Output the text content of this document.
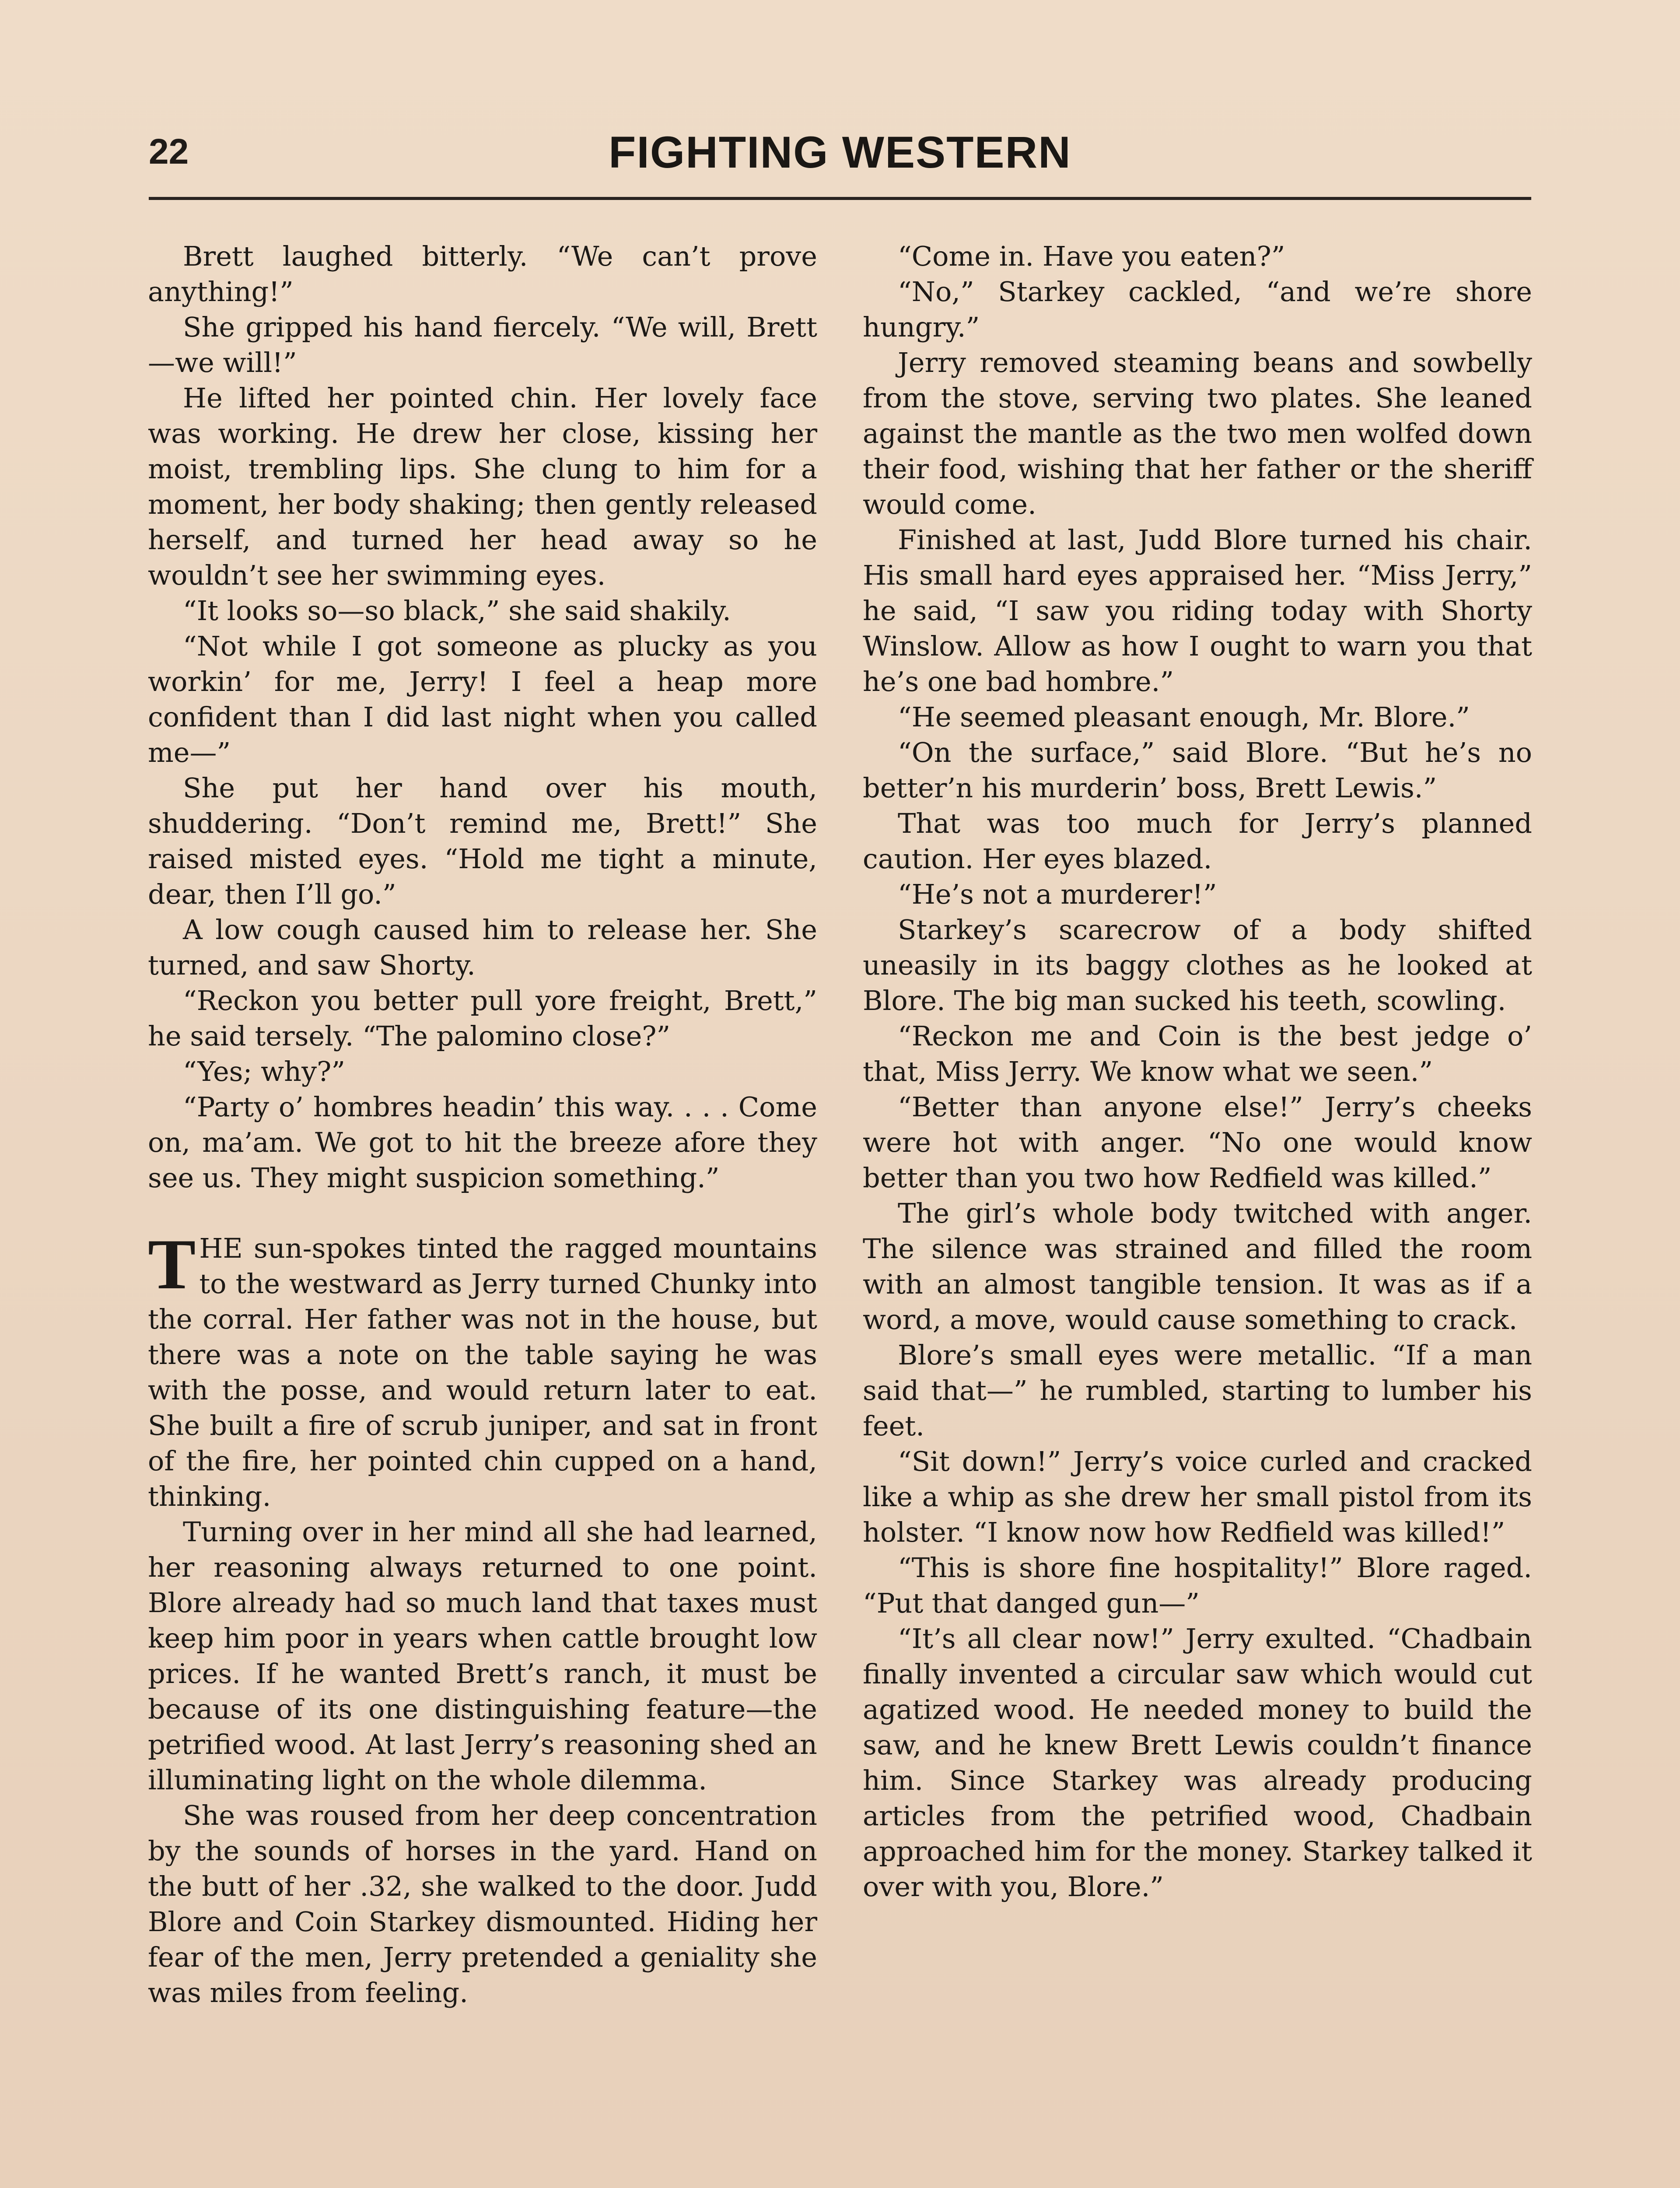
22	FIGHTING WESTERN

Brett laughed bitterly. “We can’t prove anything!”

She gripped his hand fiercely. “We will, Brett—we will!”

He lifted her pointed chin. Her lovely face was working. He drew her close, kissing her moist, trembling lips. She clung to him for a moment, her body shaking; then gently released herself, and turned her head away so he wouldn’t see her swimming eyes.

“It looks so—so black,” she said shakily.

“Not while I got someone as plucky as you workin’ for me, Jerry! I feel a heap more confident than I did last night when you called me—”

She put her hand over his mouth, shuddering. “Don’t remind me, Brett!” She raised misted eyes. “Hold me tight a minute, dear, then I’ll go.”

A low cough caused him to release her. She turned, and saw Shorty.

“Reckon you better pull yore freight, Brett,” he said tersely. “The palomino close?”

“Yes; why?”

“Party o’ hombres headin’ this way. . . . Come on, ma’am. We got to hit the breeze afore they see us. They might suspicion something.”

THE sun-spokes tinted the ragged mountains to the westward as Jerry turned Chunky into the corral. Her father was not in the house, but there was a note on the table saying he was with the posse, and would return later to eat. She built a fire of scrub juniper, and sat in front of the fire, her pointed chin cupped on a hand, thinking.

Turning over in her mind all she had learned, her reasoning always returned to one point. Blore already had so much land that taxes must keep him poor in years when cattle brought low prices. If he wanted Brett’s ranch, it must be because of its one distinguishing feature—the petrified wood. At last Jerry’s reasoning shed an illuminating light on the whole dilemma.

She was roused from her deep concentration by the sounds of horses in the yard. Hand on the butt of her .32, she walked to the door. Judd Blore and Coin Starkey dismounted. Hiding her fear of the men, Jerry pretended a geniality she was miles from feeling.

“Come in. Have you eaten?”

“No,” Starkey cackled, “and we’re shore hungry.”

Jerry removed steaming beans and sowbelly from the stove, serving two plates. She leaned against the mantle as the two men wolfed down their food, wishing that her father or the sheriff would come.

Finished at last, Judd Blore turned his chair. His small hard eyes appraised her. “Miss Jerry,” he said, “I saw you riding today with Shorty Winslow. Allow as how I ought to warn you that he’s one bad hombre.”

“He seemed pleasant enough, Mr. Blore.”

“On the surface,” said Blore. “But he’s no better’n his murderin’ boss, Brett Lewis.”

That was too much for Jerry’s planned caution. Her eyes blazed.

“He’s not a murderer!”

Starkey’s scarecrow of a body shifted uneasily in its baggy clothes as he looked at Blore. The big man sucked his teeth, scowling.

“Reckon me and Coin is the best jedge o’ that, Miss Jerry. We know what we seen.”

“Better than anyone else!” Jerry’s cheeks were hot with anger. “No one would know better than you two how Redfield was killed.”

The girl’s whole body twitched with anger. The silence was strained and filled the room with an almost tangible tension. It was as if a word, a move, would cause something to crack.

Blore’s small eyes were metallic. “If a man said that—” he rumbled, starting to lumber his feet.

“Sit down!” Jerry’s voice curled and cracked like a whip as she drew her small pistol from its holster. “I know now how Redfield was killed!”

“This is shore fine hospitality!” Blore raged. “Put that danged gun—”

“It’s all clear now!” Jerry exulted. “Chadbain finally invented a circular saw which would cut agatized wood. He needed money to build the saw, and he knew Brett Lewis couldn’t finance him. Since Starkey was already producing articles from the petrified wood, Chadbain approached him for the money. Starkey talked it over with you, Blore.”
